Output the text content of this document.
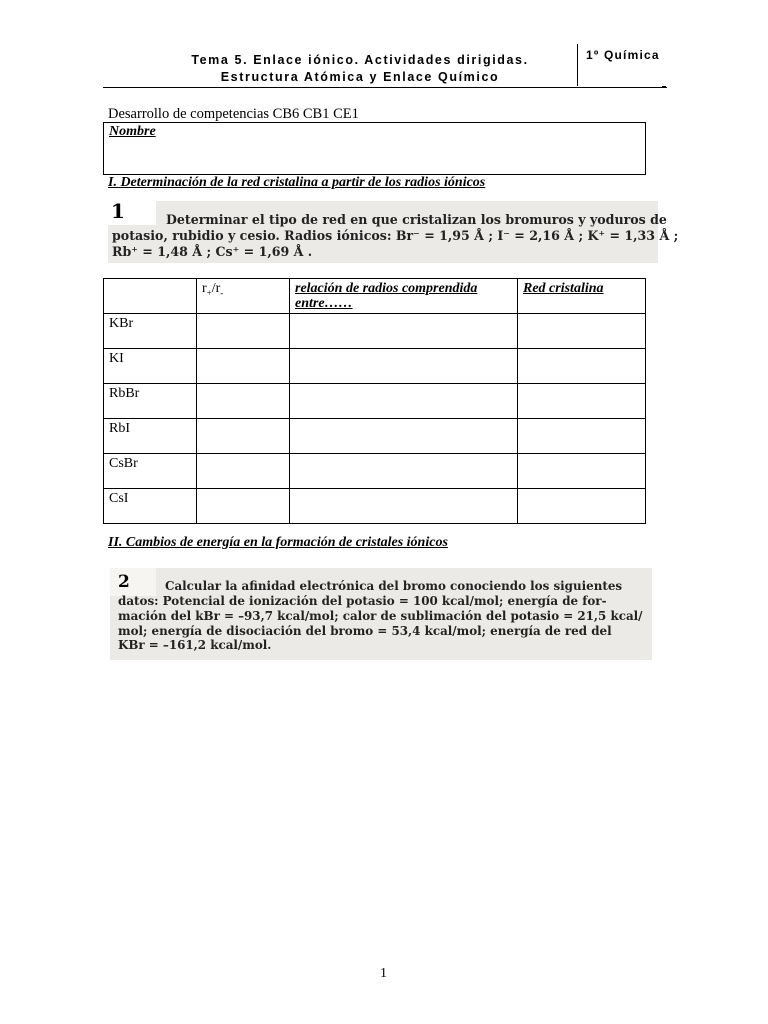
Tema 5. Enlace iónico. Actividades dirigidas.
Estructura Atómica y Enlace Químico
1º Química
Desarrollo de competencias CB6 CB1 CE1
Nombre
I. Determinación de la red cristalina a partir de los radios iónicos
1	Determinar el tipo de red en que cristalizan los bromuros y yoduros de
potasio, rubidio y cesio. Radios iónicos: Br⁻ = 1,95 Å ; I⁻ = 2,16 Å ; K⁺ = 1,33 Å ;
Rb⁺ = 1,48 Å ; Cs⁺ = 1,69 Å .
	$r_+/r_-$	relación de radios comprendida entre……	Red cristalina
KBr			
KI			
RbBr			
RbI			
CsBr			
CsI			
II. Cambios de energía en la formación de cristales iónicos
2	Calcular la afinidad electrónica del bromo conociendo los siguientes
datos: Potencial de ionización del potasio = 100 kcal/mol; energía de for-
mación del kBr = –93,7 kcal/mol; calor de sublimación del potasio = 21,5 kcal/
mol; energía de disociación del bromo = 53,4 kcal/mol; energía de red del
KBr = –161,2 kcal/mol.
1
